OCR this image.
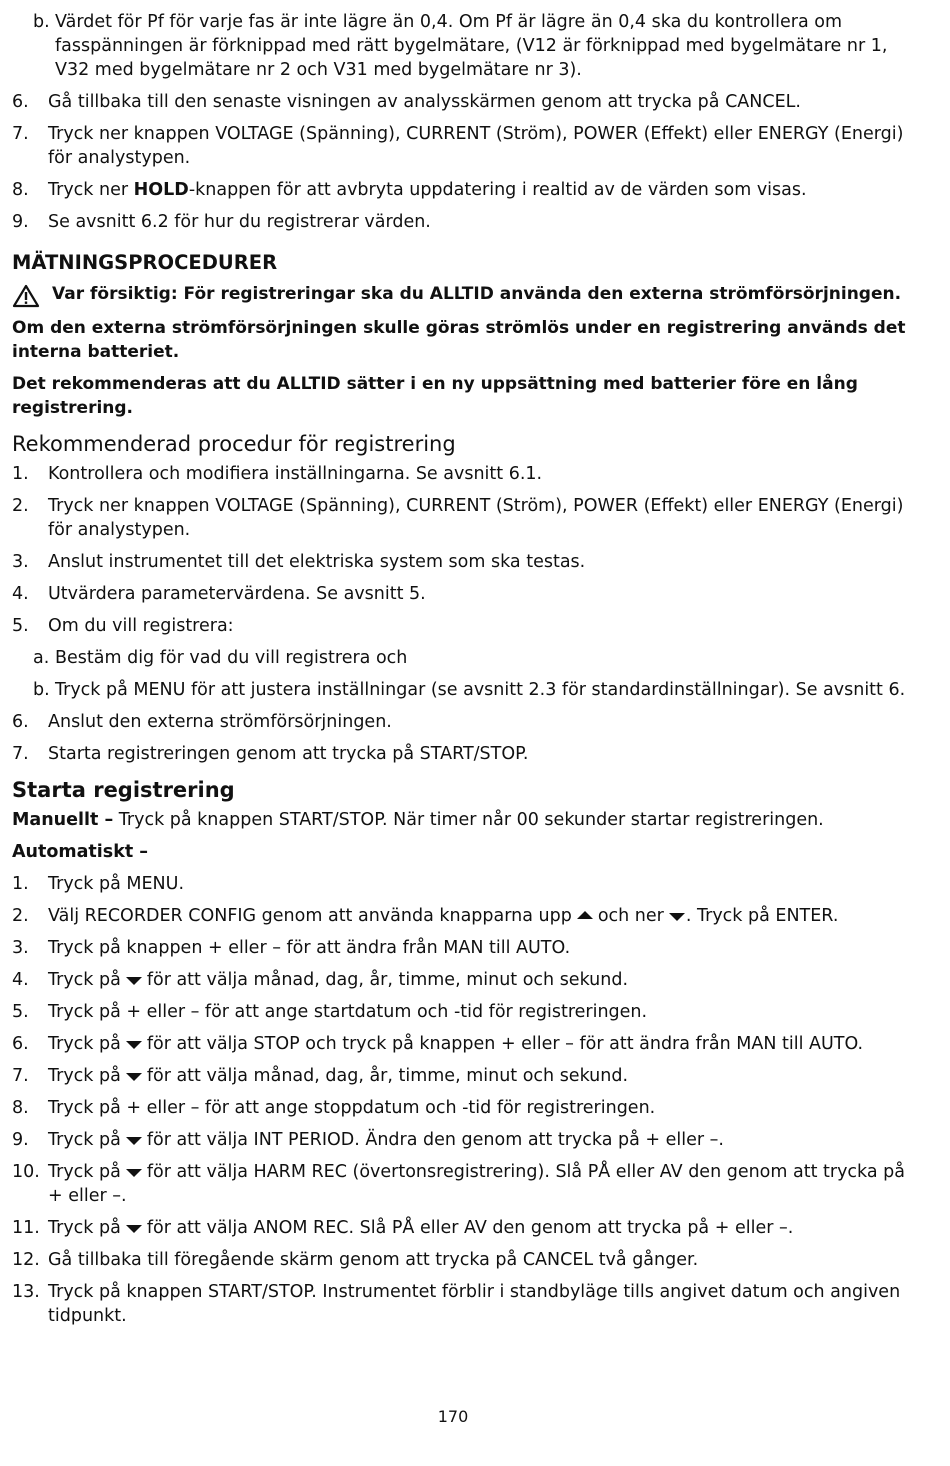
b. Värdet för Pf för varje fas är inte lägre än 0,4. Om Pf är lägre än 0,4 ska du kontrollera om fasspänningen är förknippad med rätt bygelmätare, (V12 är förknippad med bygelmätare nr 1, V32 med bygelmätare nr 2 och V31 med bygelmätare nr 3).
6.	Gå tillbaka till den senaste visningen av analysskärmen genom att trycka på CANCEL.
7.	Tryck ner knappen VOLTAGE (Spänning), CURRENT (Ström), POWER (Effekt) eller ENERGY (Energi) för analystypen.
8.	Tryck ner HOLD-knappen för att avbryta uppdatering i realtid av de värden som visas.
9.	Se avsnitt 6.2 för hur du registrerar värden.
MÄTNINGSPROCEDURER
Var försiktig: För registreringar ska du ALLTID använda den externa strömförsörjningen.
Om den externa strömförsörjningen skulle göras strömlös under en registrering används det interna batteriet.
Det rekommenderas att du ALLTID sätter i en ny uppsättning med batterier före en lång registrering.
Rekommenderad procedur för registrering
1.	Kontrollera och modifiera inställningarna. Se avsnitt 6.1.
2.	Tryck ner knappen VOLTAGE (Spänning), CURRENT (Ström), POWER (Effekt) eller ENERGY (Energi) för analystypen.
3.	Anslut instrumentet till det elektriska system som ska testas.
4.	Utvärdera parametervärdena. Se avsnitt 5.
5.	Om du vill registrera:
a. Bestäm dig för vad du vill registrera och
b. Tryck på MENU för att justera inställningar (se avsnitt 2.3 för standardinställningar). Se avsnitt 6.
6.	Anslut den externa strömförsörjningen.
7.	Starta registreringen genom att trycka på START/STOP.
Starta registrering
Manuellt – Tryck på knappen START/STOP. När timer når 00 sekunder startar registreringen.
Automatiskt –
1.	Tryck på MENU.
2.	Välj RECORDER CONFIG genom att använda knapparna upp och ner . Tryck på ENTER.
3.	Tryck på knappen + eller – för att ändra från MAN till AUTO.
4.	Tryck på för att välja månad, dag, år, timme, minut och sekund.
5.	Tryck på + eller – för att ange startdatum och -tid för registreringen.
6.	Tryck på för att välja STOP och tryck på knappen + eller – för att ändra från MAN till AUTO.
7.	Tryck på för att välja månad, dag, år, timme, minut och sekund.
8.	Tryck på + eller – för att ange stoppdatum och -tid för registreringen.
9.	Tryck på för att välja INT PERIOD. Ändra den genom att trycka på + eller –.
10. Tryck på för att välja HARM REC (övertonsregistrering). Slå PÅ eller AV den genom att trycka på + eller –.
11. Tryck på för att välja ANOM REC. Slå PÅ eller AV den genom att trycka på + eller –.
12. Gå tillbaka till föregående skärm genom att trycka på CANCEL två gånger.
13. Tryck på knappen START/STOP. Instrumentet förblir i standbyläge tills angivet datum och angiven tidpunkt.
170
